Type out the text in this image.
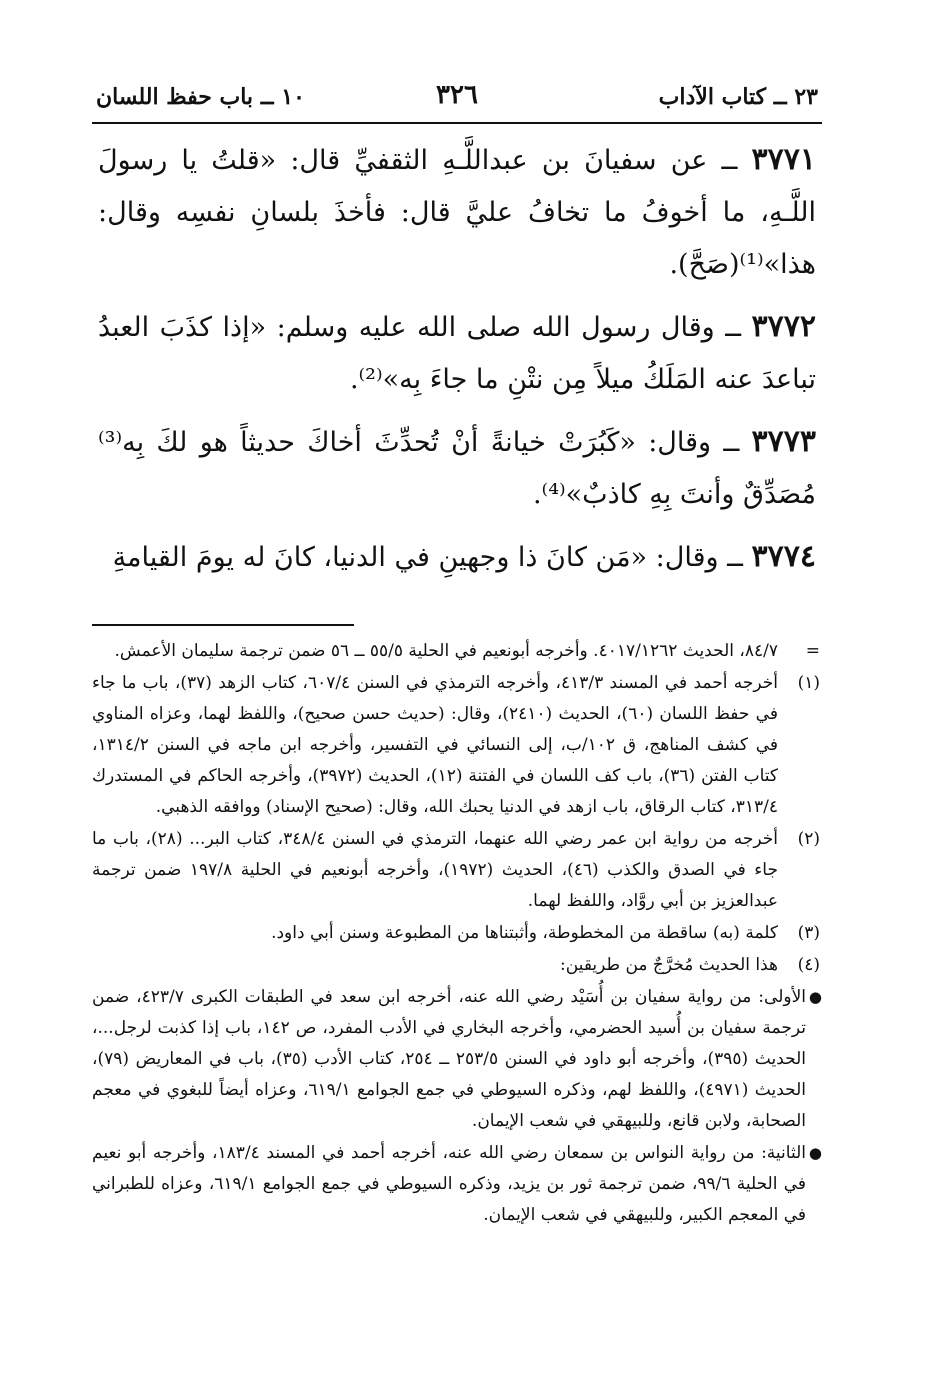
٢٣ ــ كتاب الآداب
٣٢٦
١٠ ــ باب حفظ اللسان
٣٧٧١ ــ عن سفيانَ بن عبداللَّـهِ الثقفيِّ قال: «قلتُ يا رسولَ اللَّـهِ، ما أخوفُ ما تخافُ عليَّ قال: فأخذَ بلسانِ نفسِه وقال: هذا»⁽¹⁾(صَحَّ).
٣٧٧٢ ــ وقال رسول الله صلى الله عليه وسلم: «إذا كذَبَ العبدُ تباعدَ عنه المَلَكُ ميلاً مِن نتْنِ ما جاءَ بِه»⁽²⁾.
٣٧٧٣ ــ وقال: «كَبُرَتْ خيانةً أنْ تُحدِّثَ أخاكَ حديثاً هو لكَ بِه⁽³⁾ مُصَدِّقٌ وأنتَ بِهِ كاذبٌ»⁽⁴⁾.
٣٧٧٤ ــ وقال: «مَن كانَ ذا وجهينِ في الدنيا، كانَ له يومَ القيامةِ
=
٨٤/٧، الحديث ٤٠١٧/١٢٦٢. وأخرجه أبونعيم في الحلية ٥٥/٥ ــ ٥٦ ضمن ترجمة سليمان الأعمش.
(١)
أخرجه أحمد في المسند ٤١٣/٣، وأخرجه الترمذي في السنن ٦٠٧/٤، كتاب الزهد (٣٧)، باب ما جاء في حفظ اللسان (٦٠)، الحديث (٢٤١٠)، وقال: (حديث حسن صحيح)، واللفظ لهما، وعزاه المناوي في كشف المناهج، ق ١٠٢/ب، إلى النسائي في التفسير، وأخرجه ابن ماجه في السنن ١٣١٤/٢، كتاب الفتن (٣٦)، باب كف اللسان في الفتنة (١٢)، الحديث (٣٩٧٢)، وأخرجه الحاكم في المستدرك ٣١٣/٤، كتاب الرقاق، باب ازهد في الدنيا يحبك الله، وقال: (صحيح الإسناد) ووافقه الذهبي.
(٢)
أخرجه من رواية ابن عمر رضي الله عنهما، الترمذي في السنن ٣٤٨/٤، كتاب البر... (٢٨)، باب ما جاء في الصدق والكذب (٤٦)، الحديث (١٩٧٢)، وأخرجه أبونعيم في الحلية ١٩٧/٨ ضمن ترجمة عبدالعزيز بن أبي روَّاد، واللفظ لهما.
(٣)
كلمة (به) ساقطة من المخطوطة، وأثبتناها من المطبوعة وسنن أبي داود.
(٤)
هذا الحديث مُخرَّجٌ من طريقين:
●
الأولى: من رواية سفيان بن أُسَيْد رضي الله عنه، أخرجه ابن سعد في الطبقات الكبرى ٤٢٣/٧، ضمن ترجمة سفيان بن أُسيد الحضرمي، وأخرجه البخاري في الأدب المفرد، ص ١٤٢، باب إذا كذبت لرجل...، الحديث (٣٩٥)، وأخرجه أبو داود في السنن ٢٥٣/٥ ــ ٢٥٤، كتاب الأدب (٣٥)، باب في المعاريض (٧٩)، الحديث (٤٩٧١)، واللفظ لهم، وذكره السيوطي في جمع الجوامع ٦١٩/١، وعزاه أيضاً للبغوي في معجم الصحابة، ولابن قانع، وللبيهقي في شعب الإيمان.
●
الثانية: من رواية النواس بن سمعان رضي الله عنه، أخرجه أحمد في المسند ١٨٣/٤، وأخرجه أبو نعيم في الحلية ٩٩/٦، ضمن ترجمة ثور بن يزيد، وذكره السيوطي في جمع الجوامع ٦١٩/١، وعزاه للطبراني في المعجم الكبير، وللبيهقي في شعب الإيمان.
